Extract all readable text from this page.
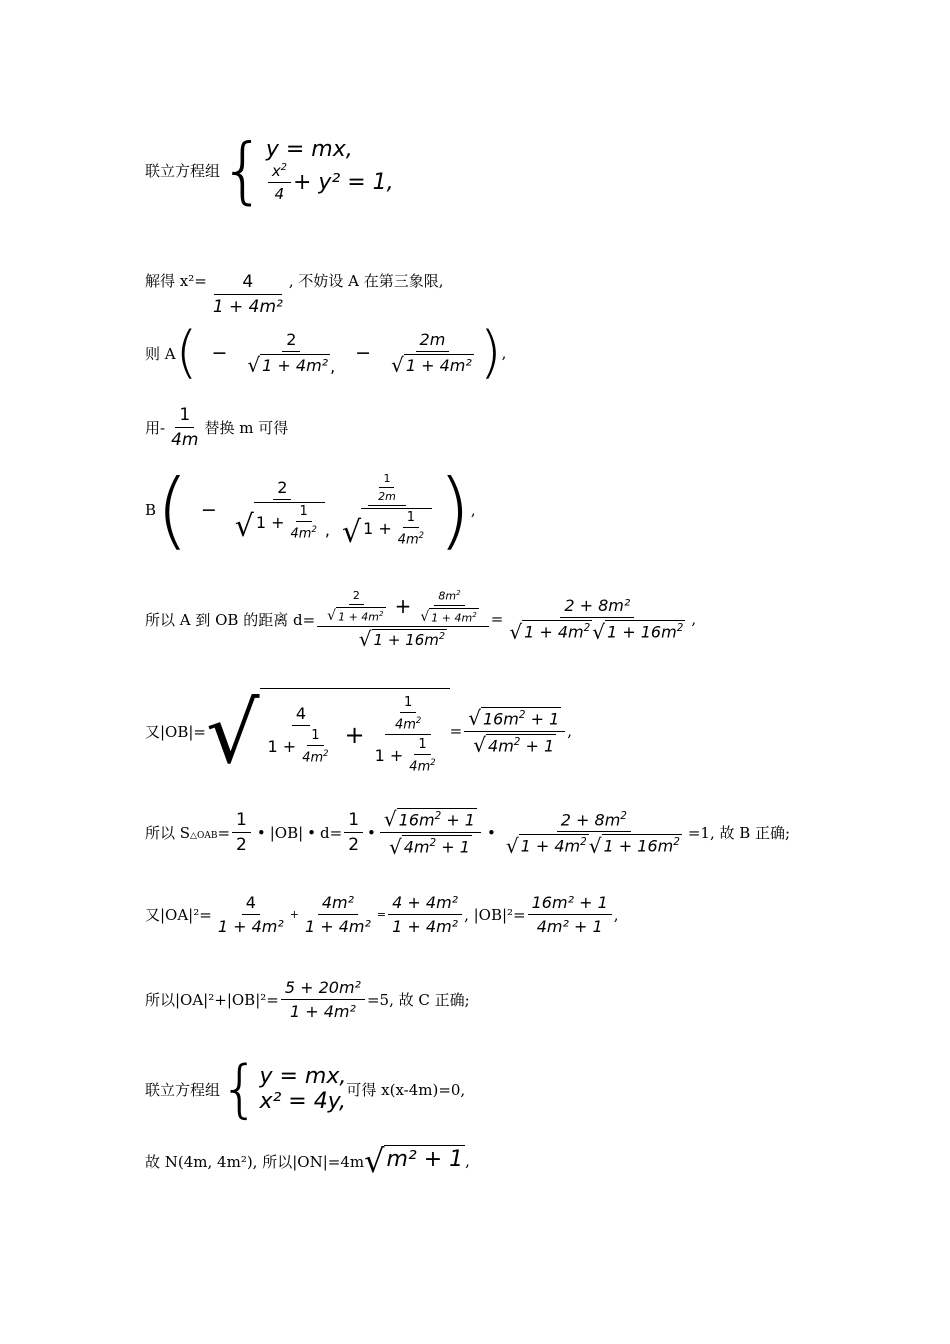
联立方程组 { y = mx,
$\frac{x^2}{4} + y^2 = 1$,
解得 $x^2= \frac{4}{\text{1 + 4m²}}$ , 不妨设 A 在第三象限,
则 A ( − $\frac{2}{\text{√ 1 + 4m² ,}} - \frac{2m}{\text{√ 1 + 4m²}}$ ) ,
用- $\frac{1}{4m}$ 替换 m 可得
B ( − $\frac{2}{√ 1 + \frac{1}{4m^2} ,} \frac{\frac{1}{2m}}{√ 1 + \frac{1}{4m^2}}$ ) ,
所以 A 到 OB 的距离 $d= \frac{\frac{2}{√ 1 + 4m^2} + \frac{8m^2}{√ 1 + 4m^2}}{√ 1 + 16m^2} = \frac{\text{2 + 8m²}}{√ 1 + 4m^2 √ 1 + 16m^2}$ ,
又|OB|= √ $\frac{4}{1 + \frac{1}{4m^2}} + \frac{\frac{1}{4m^2}}{1 + \frac{1}{4m^2}} = \frac{√ 16m^2 + 1}{√ 4m^2 + 1}$ ,
所以 S △OAB = $\frac{1}{2}$ • |OB| • $d= \frac{1}{2}$ • $\frac{√ 16m^2 + 1}{√ 4m^2 + 1}$ • $\frac{2 + 8m^2}{√ 1 + 4m^2 √ 1 + 16m^2} =1$, 故 B 正确;
又$|OA|^2= \frac{4}{\text{1 + 4m²}} + \frac{\text{4m²}}{\text{1 + 4m²}} = \frac{\text{4 + 4m²}}{\text{1 + 4m²}}$ , $|OB|^2= \frac{\text{16m² + 1}}{\text{4m² + 1}}$ ,
所以$|OA|^2+|OB|^2= \frac{\text{5 + 20m²}}{\text{1 + 4m²}} =5$, 故 C 正确;
联立方程组 { y = mx,
x² = 4y, 可得 x(x-4m)=0,
故 N(4m, 4m²), 所以|ON|=4m √ m² + 1 ,
